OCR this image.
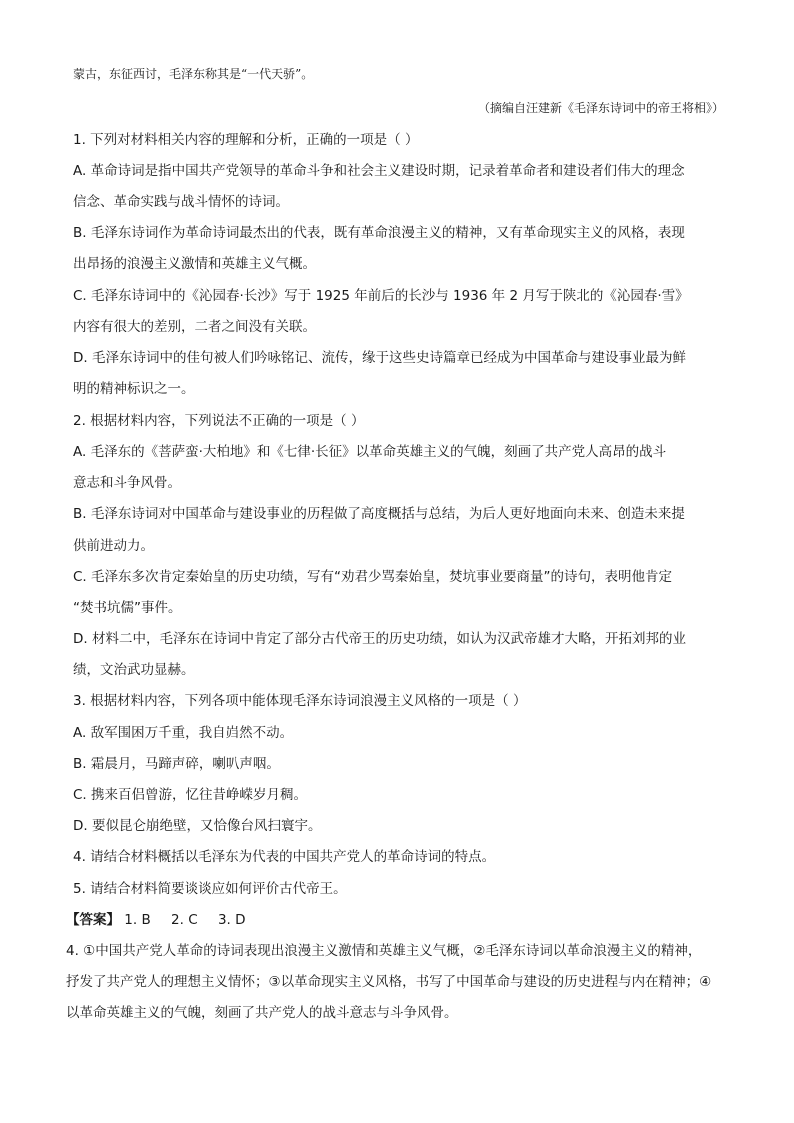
蒙古，东征西讨，毛泽东称其是“一代天骄”。
（摘编自汪建新《毛泽东诗词中的帝王将相》）
1. 下列对材料相关内容的理解和分析，正确的一项是（ ）
A. 革命诗词是指中国共产党领导的革命斗争和社会主义建设时期，记录着革命者和建设者们伟大的理念
信念、革命实践与战斗情怀的诗词。
B. 毛泽东诗词作为革命诗词最杰出的代表，既有革命浪漫主义的精神，又有革命现实主义的风格，表现
出昂扬的浪漫主义激情和英雄主义气概。
C. 毛泽东诗词中的《沁园春·长沙》写于 1925 年前后的长沙与 1936 年 2 月写于陕北的《沁园春·雪》
内容有很大的差别，二者之间没有关联。
D. 毛泽东诗词中的佳句被人们吟咏铭记、流传，缘于这些史诗篇章已经成为中国革命与建设事业最为鲜
明的精神标识之一。
2. 根据材料内容，下列说法不正确的一项是（ ）
A. 毛泽东的《菩萨蛮·大柏地》和《七律·长征》以革命英雄主义的气魄，刻画了共产党人高昂的战斗
意志和斗争风骨。
B. 毛泽东诗词对中国革命与建设事业的历程做了高度概括与总结，为后人更好地面向未来、创造未来提
供前进动力。
C. 毛泽东多次肯定秦始皇的历史功绩，写有“劝君少骂秦始皇，焚坑事业要商量”的诗句，表明他肯定
“焚书坑儒”事件。
D. 材料二中，毛泽东在诗词中肯定了部分古代帝王的历史功绩，如认为汉武帝雄才大略，开拓刘邦的业
绩，文治武功显赫。
3. 根据材料内容，下列各项中能体现毛泽东诗词浪漫主义风格的一项是（ ）
A. 敌军围困万千重，我自岿然不动。
B. 霜晨月，马蹄声碎，喇叭声咽。
C. 携来百侣曾游，忆往昔峥嵘岁月稠。
D. 要似昆仑崩绝壁，又恰像台风扫寰宇。
4. 请结合材料概括以毛泽东为代表的中国共产党人的革命诗词的特点。
5. 请结合材料简要谈谈应如何评价古代帝王。
【答案】 1. B 2. C 3. D
4. ①中国共产党人革命的诗词表现出浪漫主义激情和英雄主义气概，②毛泽东诗词以革命浪漫主义的精神，
抒发了共产党人的理想主义情怀；③以革命现实主义风格，书写了中国革命与建设的历史进程与内在精神；④
以革命英雄主义的气魄，刻画了共产党人的战斗意志与斗争风骨。
